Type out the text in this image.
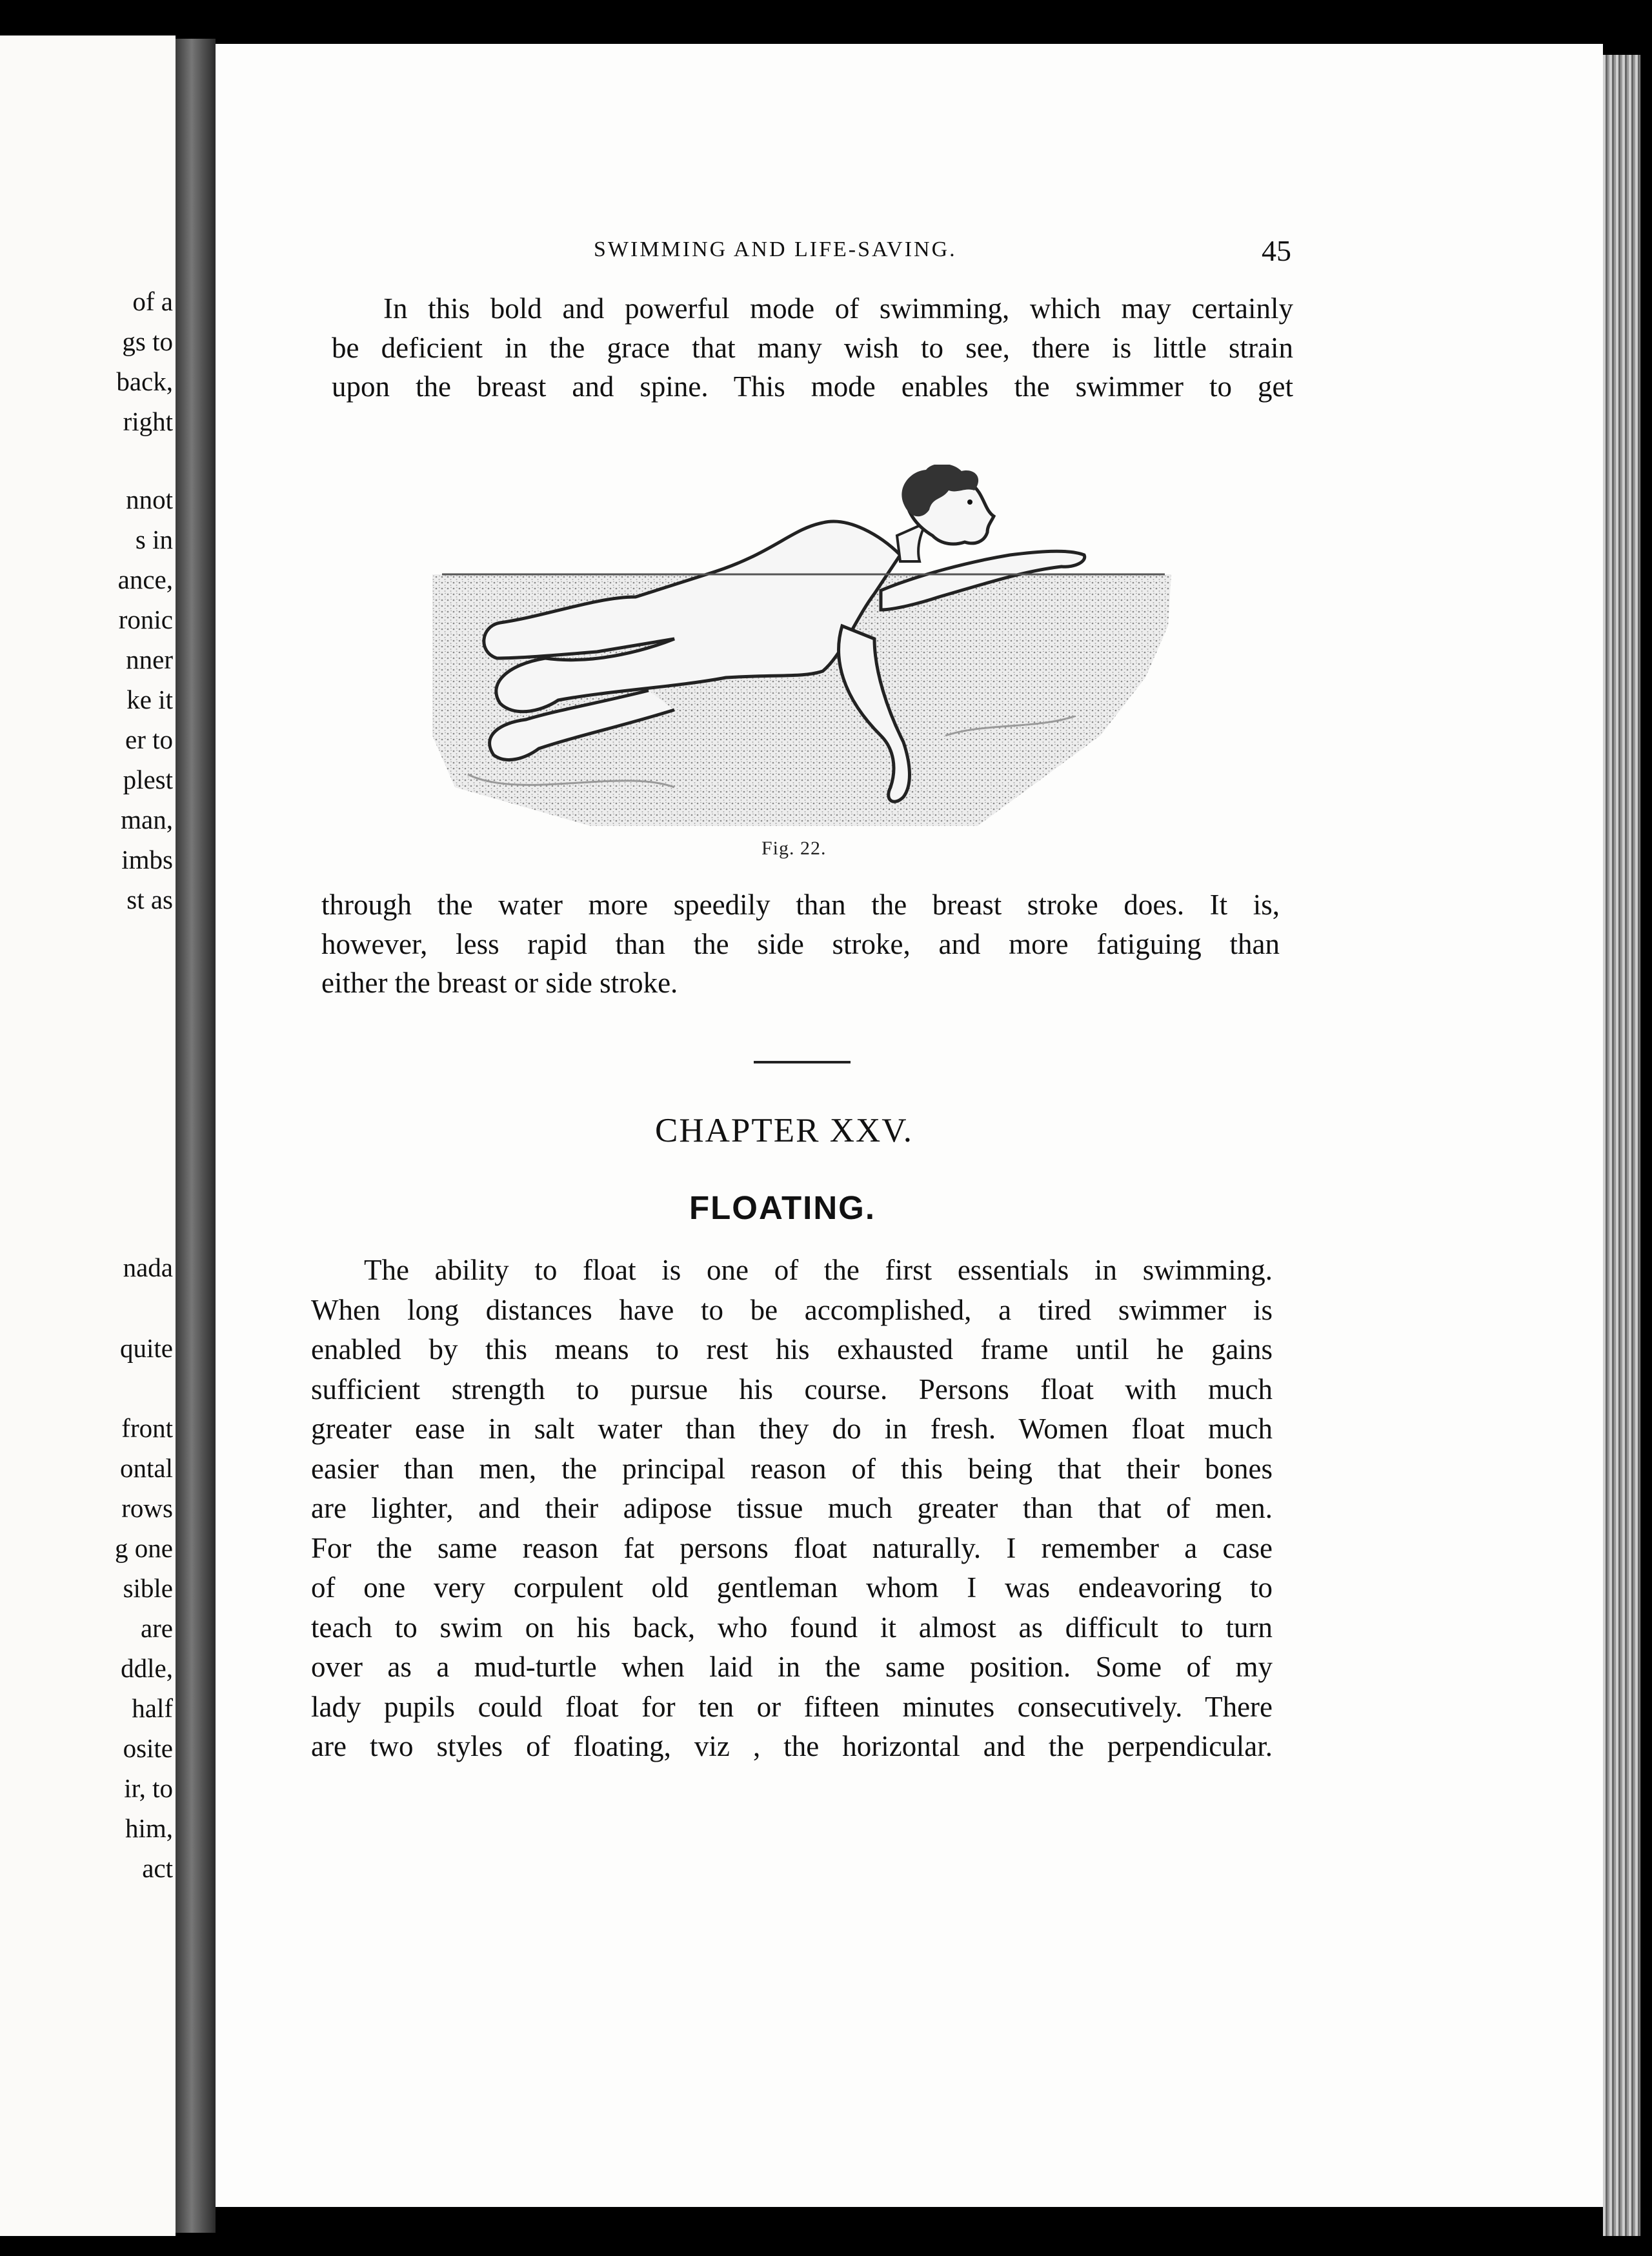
of a
gs to
back,
right
nnot
s in
ance,
ronic
nner
ke it
er to
plest
man,
imbs
st as
nada
quite
front
ontal
rows
g one
sible
are
ddle,
half
osite
ir, to
him,
act
SWIMMING AND LIFE-SAVING.	45
In this bold and powerful mode of swimming, which may certainly
be deficient in the grace that many wish to see, there is little strain
upon the breast and spine. This mode enables the swimmer to get
Fig. 22.
through the water more speedily than the breast stroke does. It is,
however, less rapid than the side stroke, and more fatiguing than
either the breast or side stroke.
CHAPTER XXV.
FLOATING.
The ability to float is one of the first essentials in swimming.
When long distances have to be accomplished, a tired swimmer is
enabled by this means to rest his exhausted frame until he gains
sufficient strength to pursue his course. Persons float with much
greater ease in salt water than they do in fresh. Women float much
easier than men, the principal reason of this being that their bones
are lighter, and their adipose tissue much greater than that of men.
For the same reason fat persons float naturally. I remember a case
of one very corpulent old gentleman whom I was endeavoring to
teach to swim on his back, who found it almost as difficult to turn
over as a mud-turtle when laid in the same position. Some of my
lady pupils could float for ten or fifteen minutes consecutively. There
are two styles of floating, viz , the horizontal and the perpendicular.
